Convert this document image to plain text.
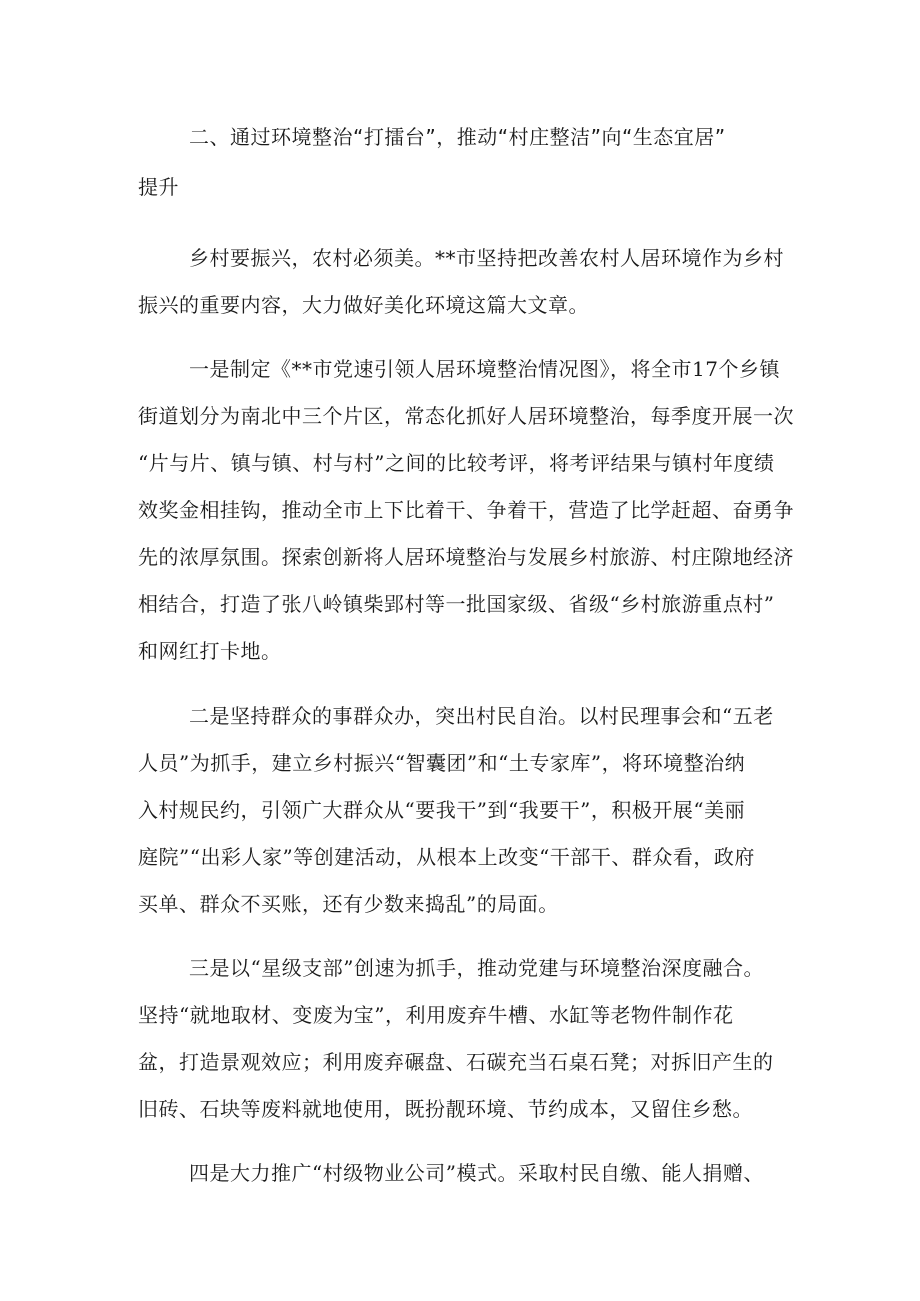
二、通过环境整治“打擂台”，推动“村庄整洁”向“生态宜居”
提升
乡村要振兴，农村必须美。**市坚持把改善农村人居环境作为乡村
振兴的重要内容，大力做好美化环境这篇大文章。
一是制定《**市党速引领人居环境整治情况图》，将全市17个乡镇
街道划分为南北中三个片区，常态化抓好人居环境整治，每季度开展一次
“片与片、镇与镇、村与村”之间的比较考评，将考评结果与镇村年度绩
效奖金相挂钩，推动全市上下比着干、争着干，营造了比学赶超、奋勇争
先的浓厚氛围。探索创新将人居环境整治与发展乡村旅游、村庄隙地经济
相结合，打造了张八岭镇柴郢村等一批国家级、省级“乡村旅游重点村”
和网红打卡地。
二是坚持群众的事群众办，突出村民自治。以村民理事会和“五老
人员”为抓手，建立乡村振兴“智囊团”和“土专家库”，将环境整治纳
入村规民约，引领广大群众从“要我干”到“我要干”，积极开展“美丽
庭院”“出彩人家”等创建活动，从根本上改变“干部干、群众看，政府
买单、群众不买账，还有少数来捣乱”的局面。
三是以“星级支部”创速为抓手，推动党建与环境整治深度融合。
坚持“就地取材、变废为宝”，利用废弃牛槽、水缸等老物件制作花
盆，打造景观效应；利用废弃碾盘、石碳充当石桌石凳；对拆旧产生的
旧砖、石块等废料就地使用，既扮靓环境、节约成本，又留住乡愁。
四是大力推广“村级物业公司”模式。采取村民自缴、能人捐赠、
